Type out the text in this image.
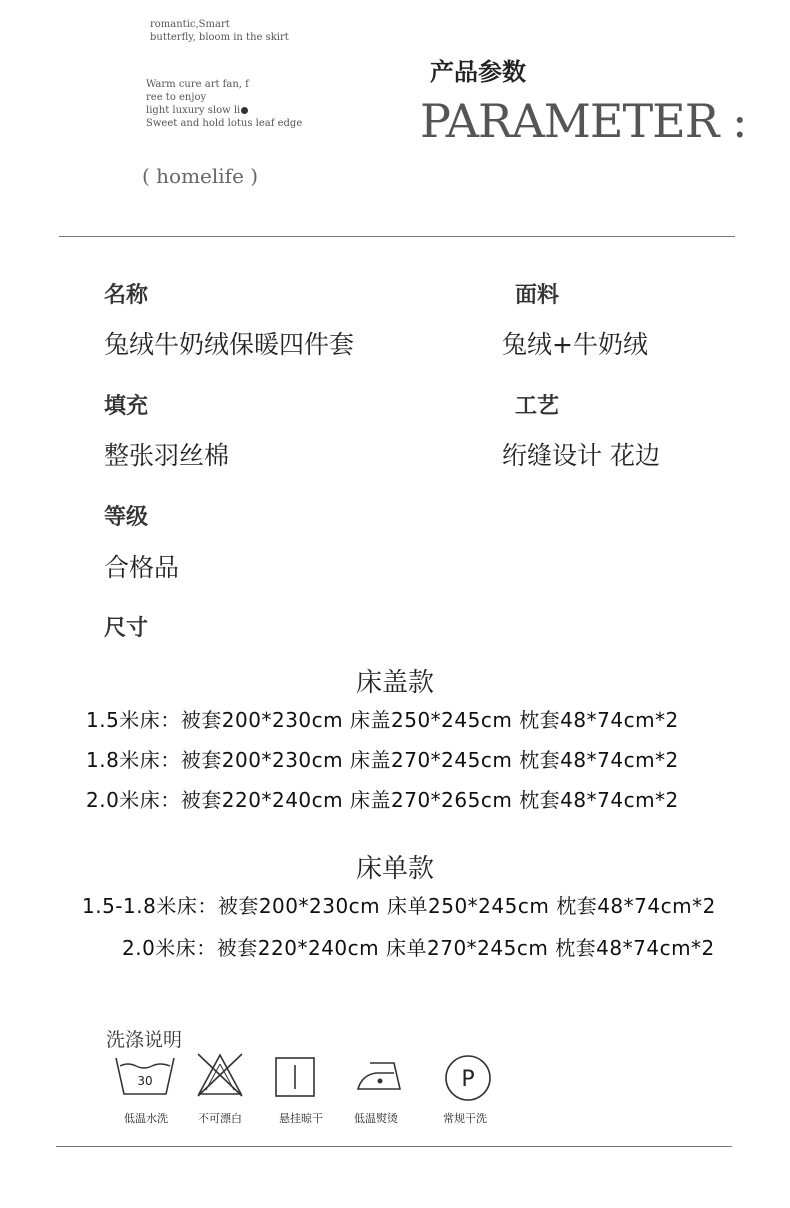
romantic,Smart
butterfly, bloom in the skirt
Warm cure art fan, f
ree to enjoy
light luxury slow li
Sweet and hold lotus leaf edge
( homelife )
产品参数
PARAMETER :
名称
兔绒牛奶绒保暖四件套
面料
兔绒+牛奶绒
填充
整张羽丝棉
工艺
绗缝设计 花边
等级
合格品
尺寸
床盖款
1.5米床：被套200*230cm 床盖250*245cm 枕套48*74cm*2
1.8米床：被套200*230cm 床盖270*245cm 枕套48*74cm*2
2.0米床：被套220*240cm 床盖270*265cm 枕套48*74cm*2
床单款
1.5-1.8米床：被套200*230cm 床单250*245cm 枕套48*74cm*2
2.0米床：被套220*240cm 床单270*245cm 枕套48*74cm*2
洗涤说明
30
低温水洗	不可漂白	悬挂晾干	低温熨烫
P
常规干洗
